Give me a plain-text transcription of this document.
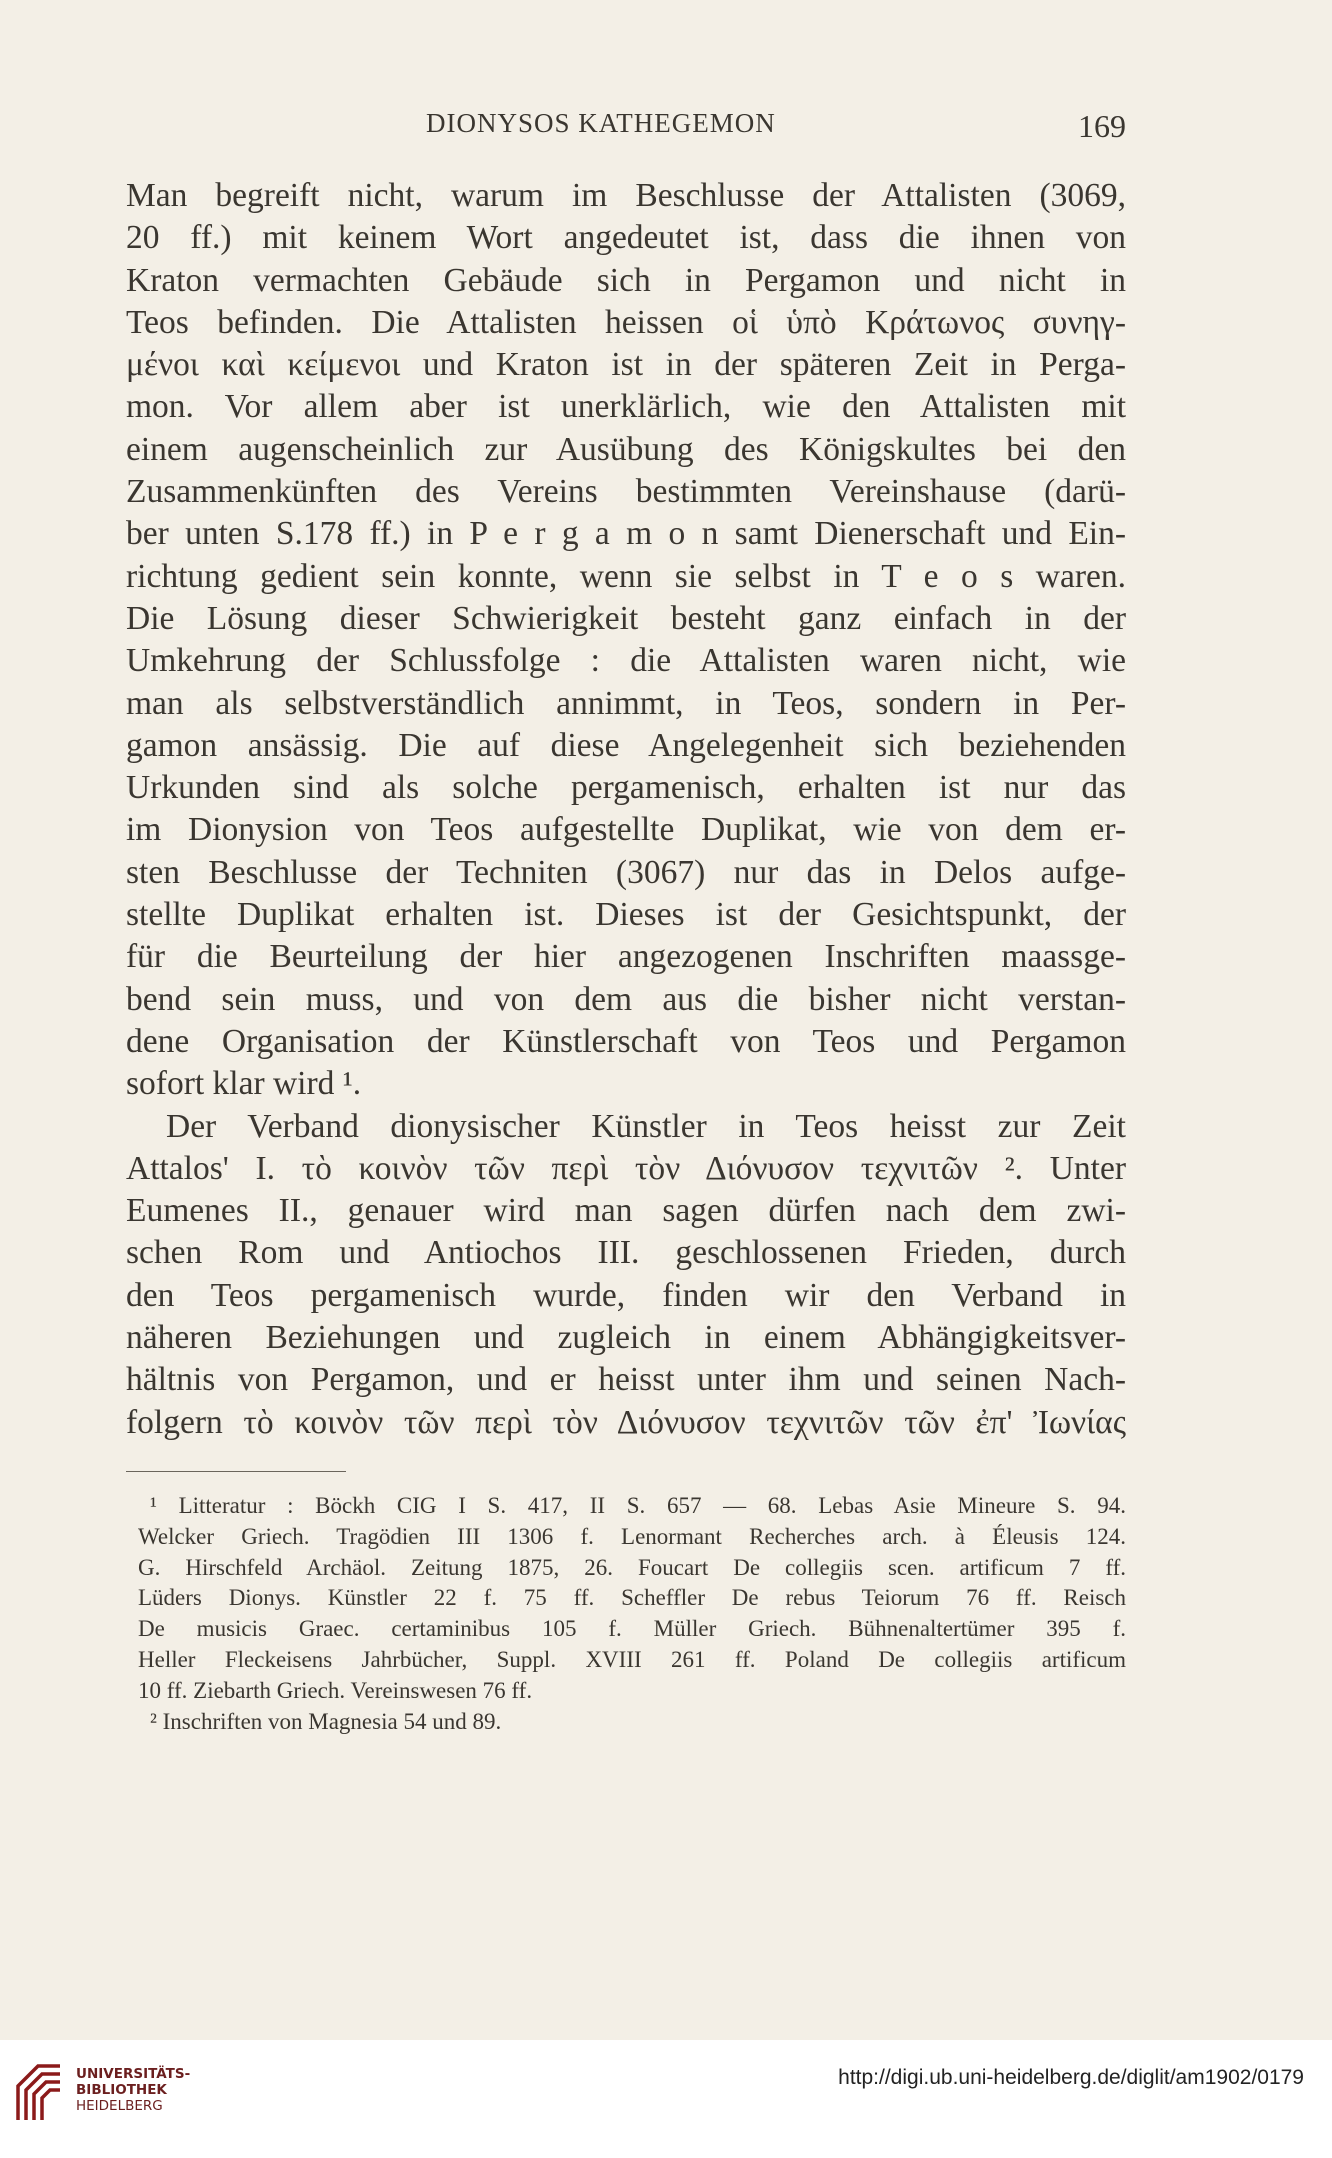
DIONYSOS KATHEGEMON	169
Man begreift nicht, warum im Beschlusse der Attalisten (3069,
20 ff.) mit keinem Wort angedeutet ist, dass die ihnen von
Kraton vermachten Gebäude sich in Pergamon und nicht in
Teos befinden. Die Attalisten heissen οἱ ὑπὸ Κράτωνος συνηγ-
μένοι καὶ κείμενοι und Kraton ist in der späteren Zeit in Perga-
mon. Vor allem aber ist unerklärlich, wie den Attalisten mit
einem augenscheinlich zur Ausübung des Königskultes bei den
Zusammenkünften des Vereins bestimmten Vereinshause (darü-
ber unten S.178 ff.) in P e r g a m o n samt Dienerschaft und Ein-
richtung gedient sein konnte, wenn sie selbst in T e o s waren.
Die Lösung dieser Schwierigkeit besteht ganz einfach in der
Umkehrung der Schlussfolge : die Attalisten waren nicht, wie
man als selbstverständlich annimmt, in Teos, sondern in Per-
gamon ansässig. Die auf diese Angelegenheit sich beziehenden
Urkunden sind als solche pergamenisch, erhalten ist nur das
im Dionysion von Teos aufgestellte Duplikat, wie von dem er-
sten Beschlusse der Techniten (3067) nur das in Delos aufge-
stellte Duplikat erhalten ist. Dieses ist der Gesichtspunkt, der
für die Beurteilung der hier angezogenen Inschriften maassge-
bend sein muss, und von dem aus die bisher nicht verstan-
dene Organisation der Künstlerschaft von Teos und Pergamon
sofort klar wird ¹.
Der Verband dionysischer Künstler in Teos heisst zur Zeit
Attalos' I. τὸ κοινὸν τῶν περὶ τὸν Διόνυσον τεχνιτῶν ². Unter
Eumenes II., genauer wird man sagen dürfen nach dem zwi-
schen Rom und Antiochos III. geschlossenen Frieden, durch
den Teos pergamenisch wurde, finden wir den Verband in
näheren Beziehungen und zugleich in einem Abhängigkeitsver-
hältnis von Pergamon, und er heisst unter ihm und seinen Nach-
folgern τὸ κοινὸν τῶν περὶ τὸν Διόνυσον τεχνιτῶν τῶν ἐπ' Ἰωνίας
¹ Litteratur : Böckh CIG I S. 417, II S. 657 — 68. Lebas Asie Mineure S. 94.
Welcker Griech. Tragödien III 1306 f. Lenormant Recherches arch. à Éleusis 124.
G. Hirschfeld Archäol. Zeitung 1875, 26. Foucart De collegiis scen. artificum 7 ff.
Lüders Dionys. Künstler 22 f. 75 ff. Scheffler De rebus Teiorum 76 ff. Reisch
De musicis Graec. certaminibus 105 f. Müller Griech. Bühnenaltertümer 395 f.
Heller Fleckeisens Jahrbücher, Suppl. XVIII 261 ff. Poland De collegiis artificum
10 ff. Ziebarth Griech. Vereinswesen 76 ff.
² Inschriften von Magnesia 54 und 89.
UNIVERSITÄTS-
BIBLIOTHEK
HEIDELBERG
http://digi.ub.uni-heidelberg.de/diglit/am1902/0179
